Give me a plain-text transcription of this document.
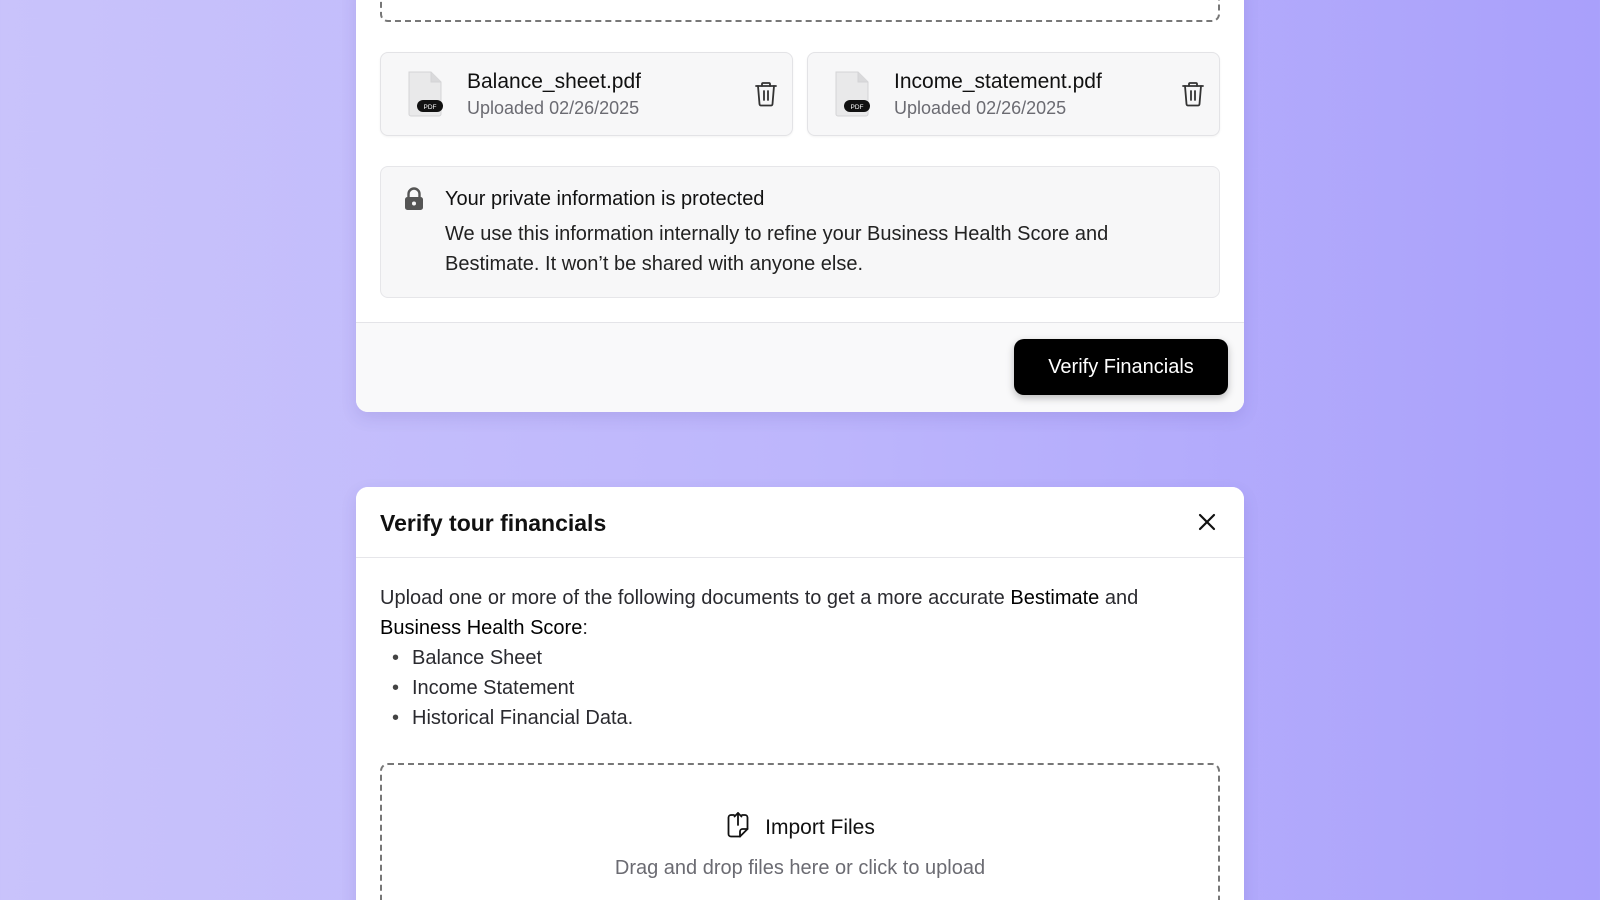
PDF
Balance_sheet.pdf
Uploaded 02/26/2025	PDF
Income_statement.pdf
Uploaded 02/26/2025
Your private information is protected
We use this information internally to refine your Business Health Score and Bestimate. It won’t be shared with anyone else.
Verify Financials
Verify tour financials

Upload one or more of the following documents to get a more accurate Bestimate and Business Health Score:

• Balance Sheet
• Income Statement
• Historical Financial Data.
Import Files
Drag and drop files here or click to upload
